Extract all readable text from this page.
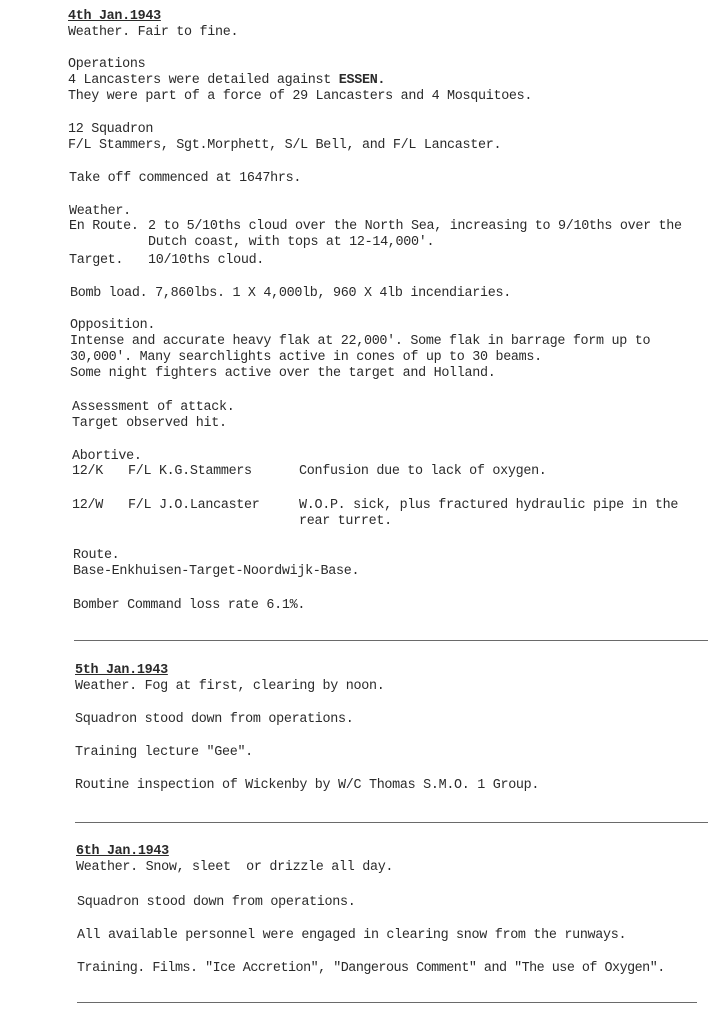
4th Jan.1943
Weather. Fair to fine.
Operations
4 Lancasters were detailed against ESSEN.
They were part of a force of 29 Lancasters and 4 Mosquitoes.
12 Squadron
F/L Stammers, Sgt.Morphett, S/L Bell, and F/L Lancaster.
Take off commenced at 1647hrs.
Weather.
En Route. 2 to 5/10ths cloud over the North Sea, increasing to 9/10ths over the
Dutch coast, with tops at 12-14,000'.
Target. 10/10ths cloud.
Bomb load. 7,860lbs. 1 X 4,000lb, 960 X 4lb incendiaries.
Opposition.
Intense and accurate heavy flak at 22,000'. Some flak in barrage form up to
30,000'. Many searchlights active in cones of up to 30 beams.
Some night fighters active over the target and Holland.
Assessment of attack.
Target observed hit.
Abortive.
12/K F/L K.G.Stammers	Confusion due to lack of oxygen.
12/W F/L J.O.Lancaster	W.O.P. sick, plus fractured hydraulic pipe in the
rear turret.
Route.
Base-Enkhuisen-Target-Noordwijk-Base.
Bomber Command loss rate 6.1%.
5th Jan.1943
Weather. Fog at first, clearing by noon.
Squadron stood down from operations.
Training lecture "Gee".
Routine inspection of Wickenby by W/C Thomas S.M.O. 1 Group.
6th Jan.1943
Weather. Snow, sleet  or drizzle all day.
Squadron stood down from operations.
All available personnel were engaged in clearing snow from the runways.
Training. Films. "Ice Accretion", "Dangerous Comment" and "The use of Oxygen".
